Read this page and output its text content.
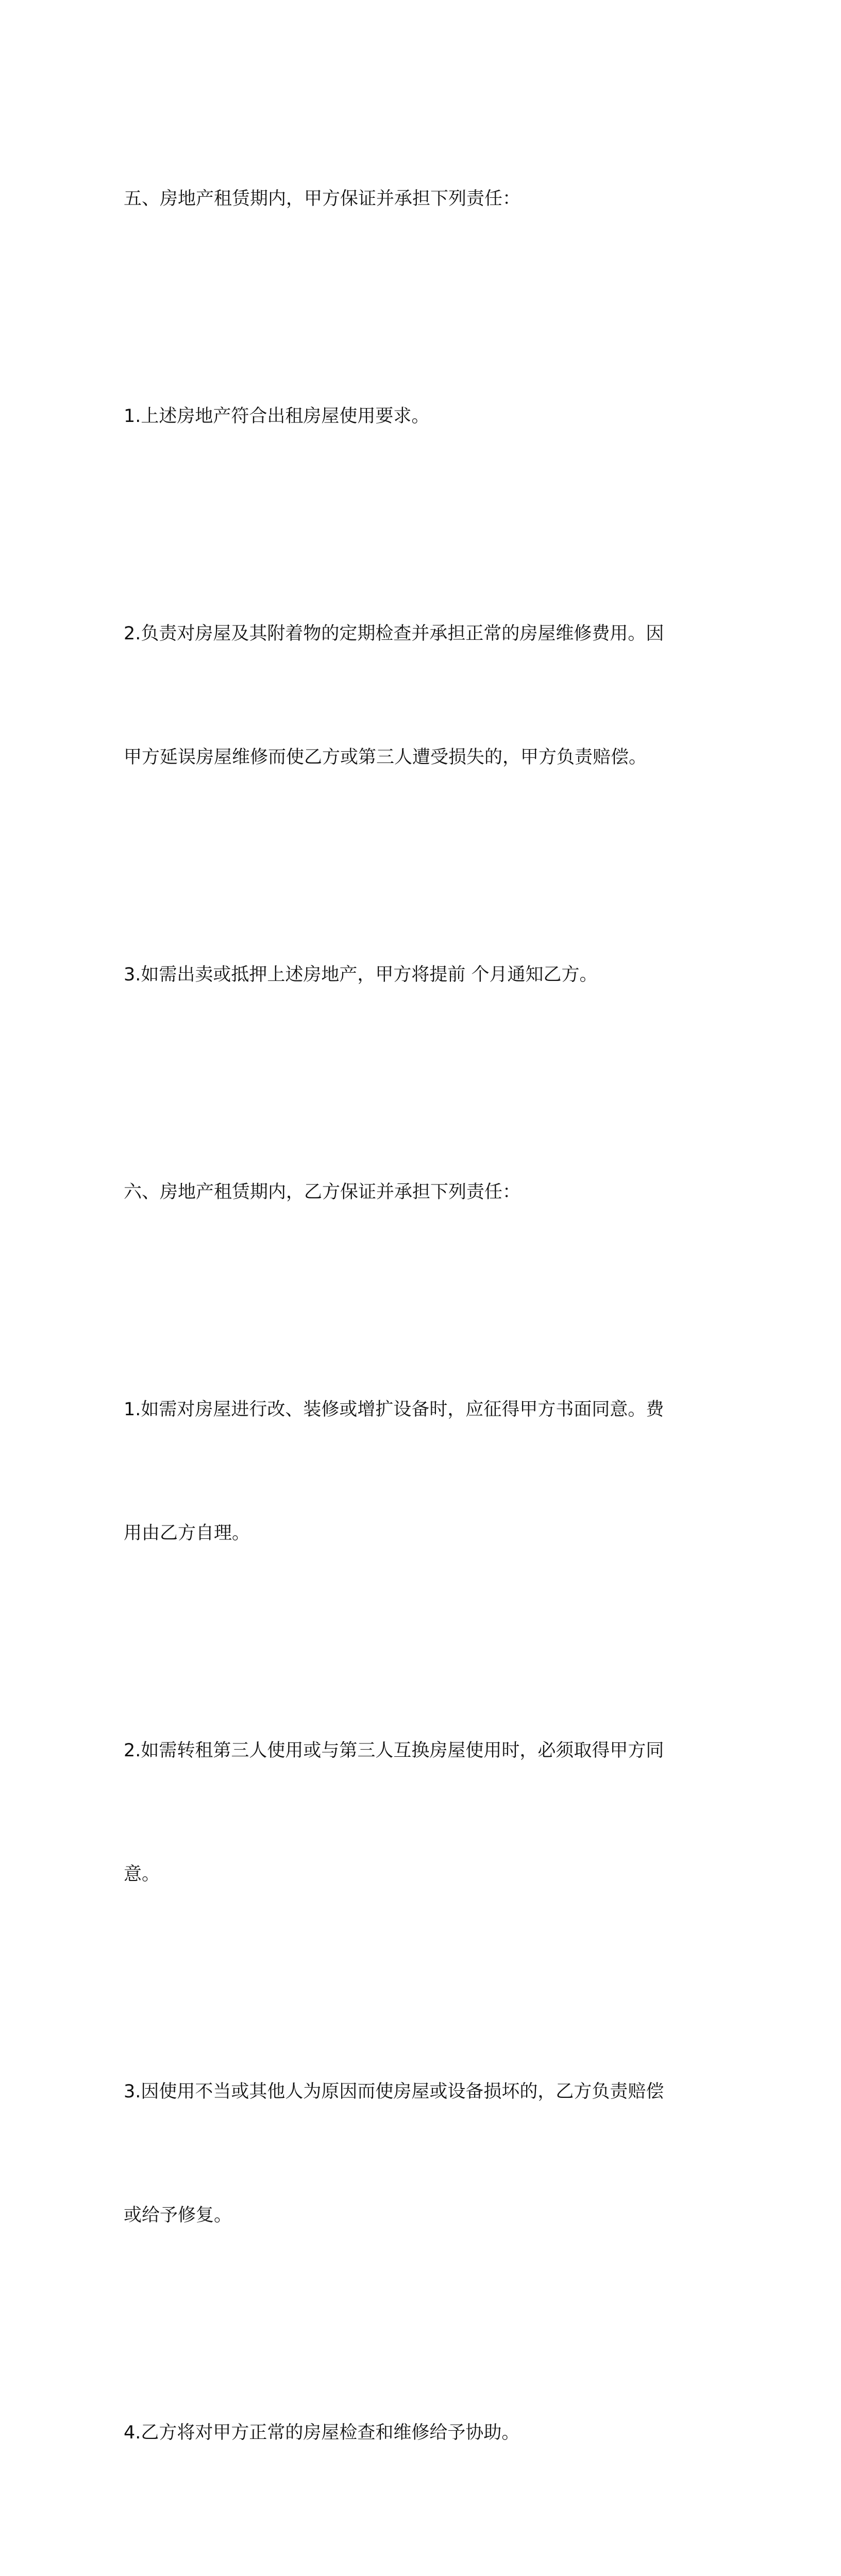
五、房地产租赁期内，甲方保证并承担下列责任：

1.上述房地产符合出租房屋使用要求。

2.负责对房屋及其附着物的定期检查并承担正常的房屋维修费用。因

甲方延误房屋维修而使乙方或第三人遭受损失的，甲方负责赔偿。

3.如需出卖或抵押上述房地产，甲方将提前 个月通知乙方。

六、房地产租赁期内，乙方保证并承担下列责任：

1.如需对房屋进行改、装修或增扩设备时，应征得甲方书面同意。费

用由乙方自理。

2.如需转租第三人使用或与第三人互换房屋使用时，必须取得甲方同

意。

3.因使用不当或其他人为原因而使房屋或设备损坏的，乙方负责赔偿

或给予修复。

4.乙方将对甲方正常的房屋检查和维修给予协助。
